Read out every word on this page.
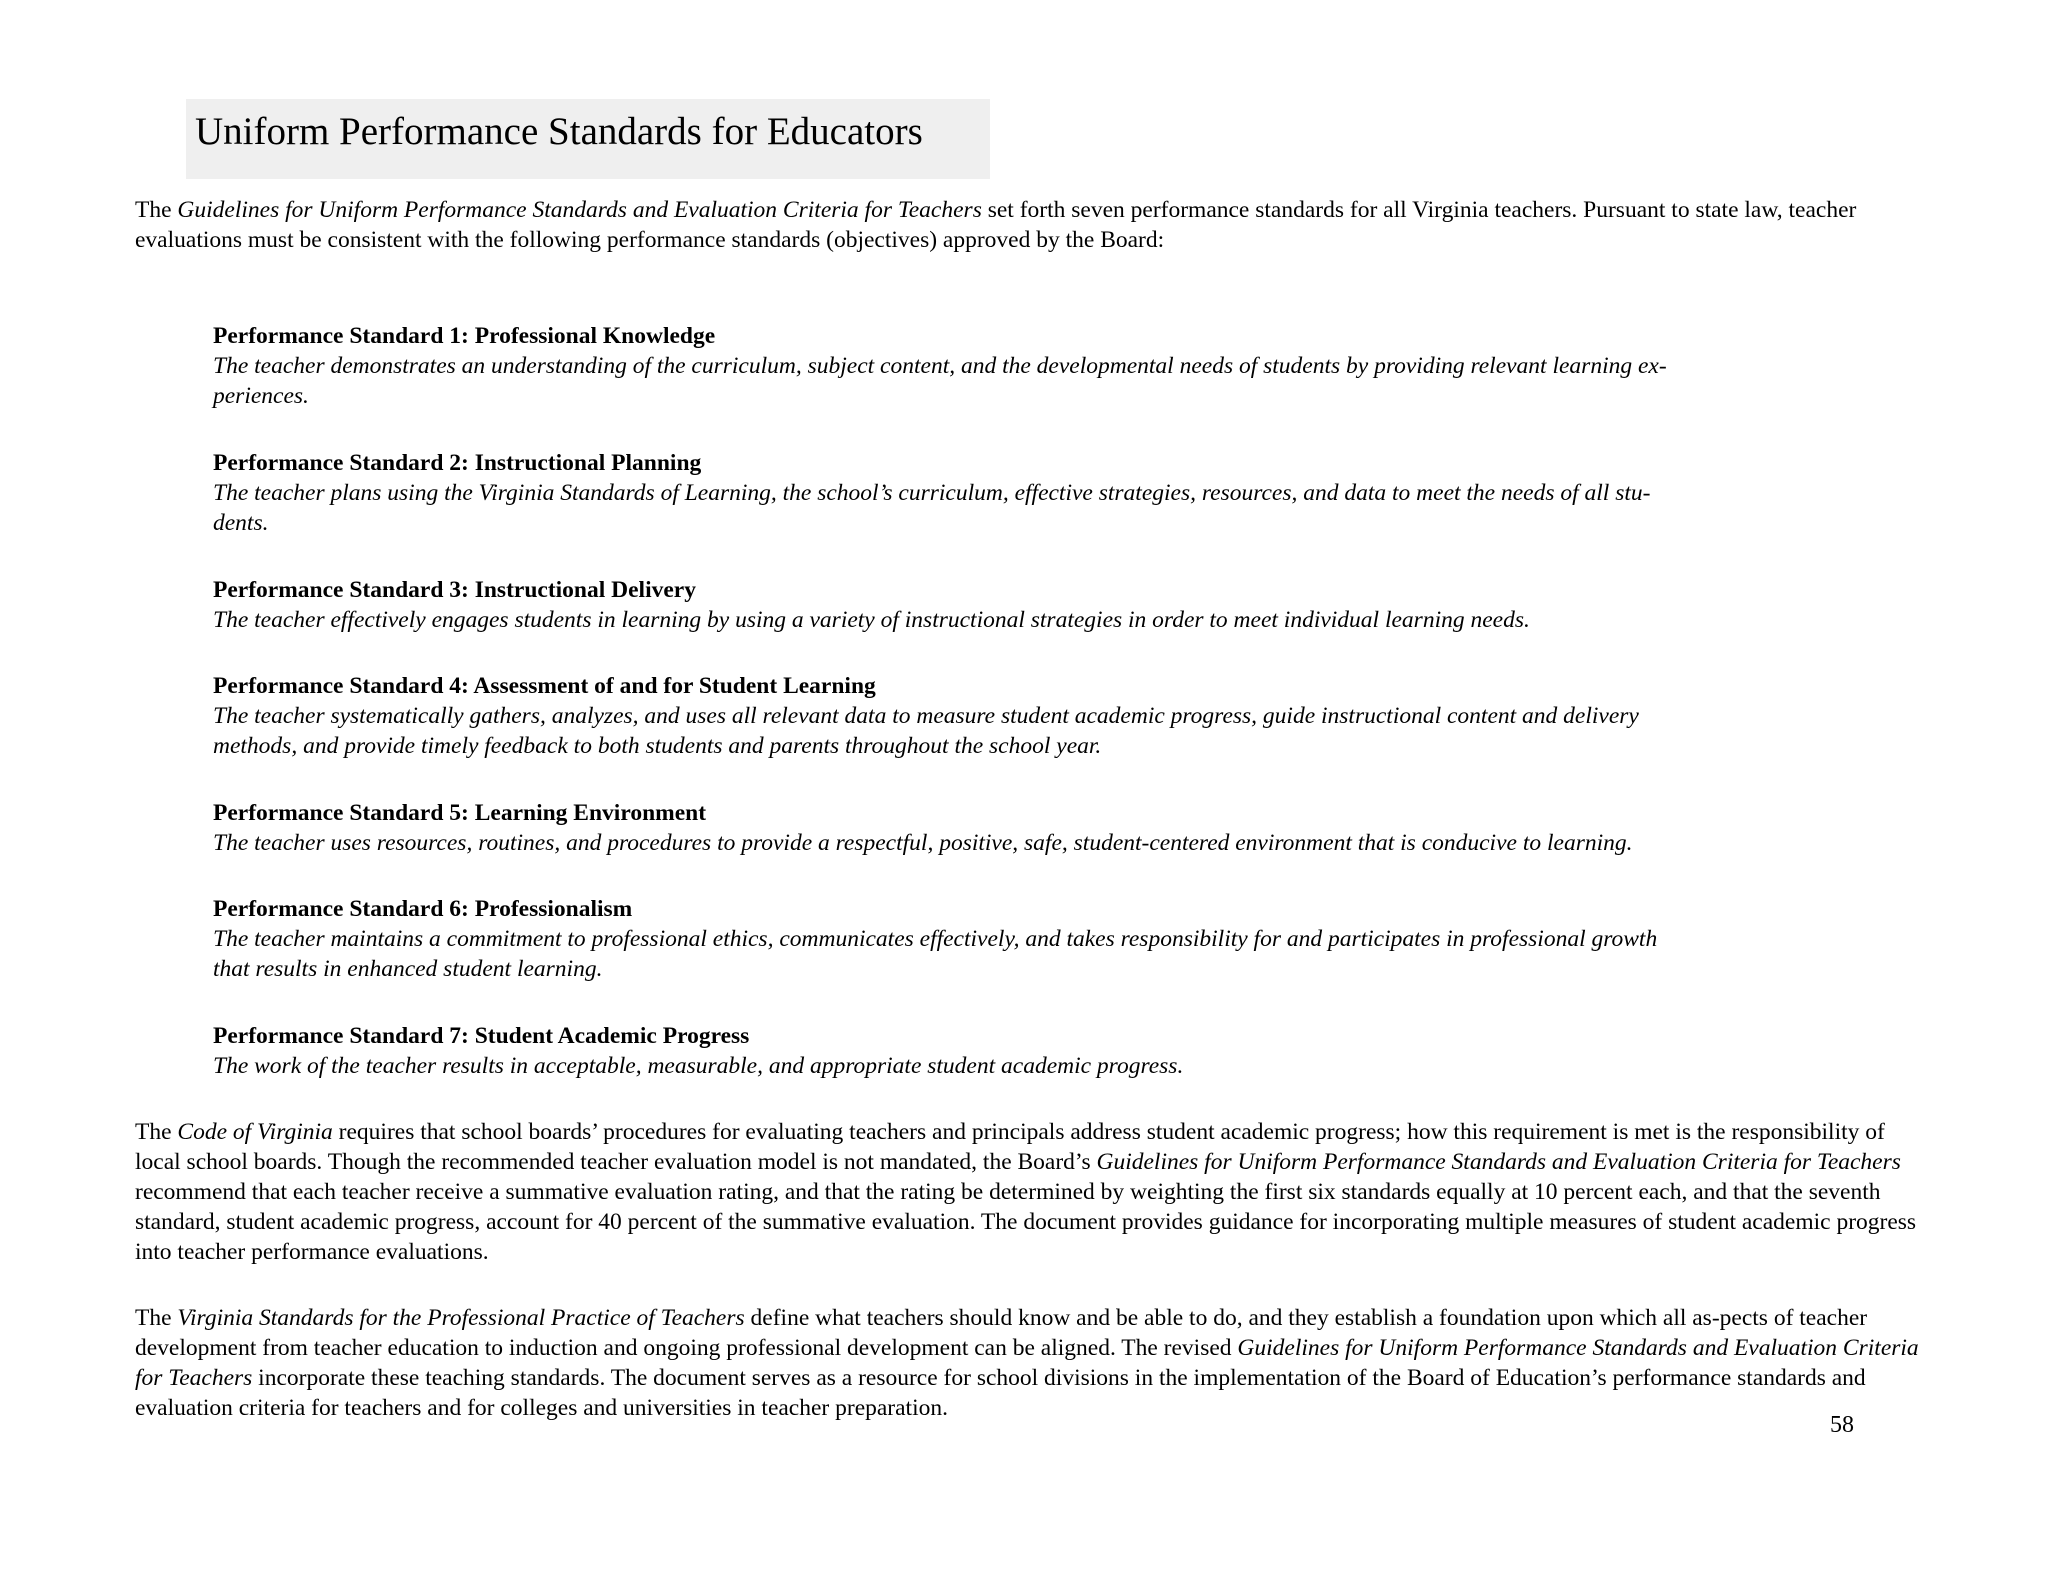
Uniform Performance Standards for Educators

The Guidelines for Uniform Performance Standards and Evaluation Criteria for Teachers set forth seven performance standards for all Virginia teachers. Pursuant to state law, teacher
evaluations must be consistent with the following performance standards (objectives) approved by the Board:

Performance Standard 1: Professional Knowledge
The teacher demonstrates an understanding of the curriculum, subject content, and the developmental needs of students by providing relevant learning ex-
periences.
Performance Standard 2: Instructional Planning
The teacher plans using the Virginia Standards of Learning, the school’s curriculum, effective strategies, resources, and data to meet the needs of all stu-
dents.
Performance Standard 3: Instructional Delivery
The teacher effectively engages students in learning by using a variety of instructional strategies in order to meet individual learning needs.
Performance Standard 4: Assessment of and for Student Learning
The teacher systematically gathers, analyzes, and uses all relevant data to measure student academic progress, guide instructional content and delivery
methods, and provide timely feedback to both students and parents throughout the school year.
Performance Standard 5: Learning Environment
The teacher uses resources, routines, and procedures to provide a respectful, positive, safe, student-centered environment that is conducive to learning.
Performance Standard 6: Professionalism
The teacher maintains a commitment to professional ethics, communicates effectively, and takes responsibility for and participates in professional growth
that results in enhanced student learning.
Performance Standard 7: Student Academic Progress
The work of the teacher results in acceptable, measurable, and appropriate student academic progress.

The Code of Virginia requires that school boards’ procedures for evaluating teachers and principals address student academic progress; how this requirement is met is the responsibility of local school boards. Though the recommended teacher evaluation model is not mandated, the Board’s Guidelines for Uniform Performance Standards and Evaluation Criteria for Teachers recommend that each teacher receive a summative evaluation rating, and that the rating be determined by weighting the first six standards equally at 10 percent each, and that the seventh standard, student academic progress, account for 40 percent of the summative evaluation. The document provides guidance for incorporating multiple measures of student academic progress into teacher performance evaluations.

The Virginia Standards for the Professional Practice of Teachers define what teachers should know and be able to do, and they establish a foundation upon which all as-pects of teacher development from teacher education to induction and ongoing professional development can be aligned. The revised Guidelines for Uniform Performance Standards and Evaluation Criteria for Teachers incorporate these teaching standards. The document serves as a resource for school divisions in the implementation of the Board of Education’s performance standards and evaluation criteria for teachers and for colleges and universities in teacher preparation.

58
